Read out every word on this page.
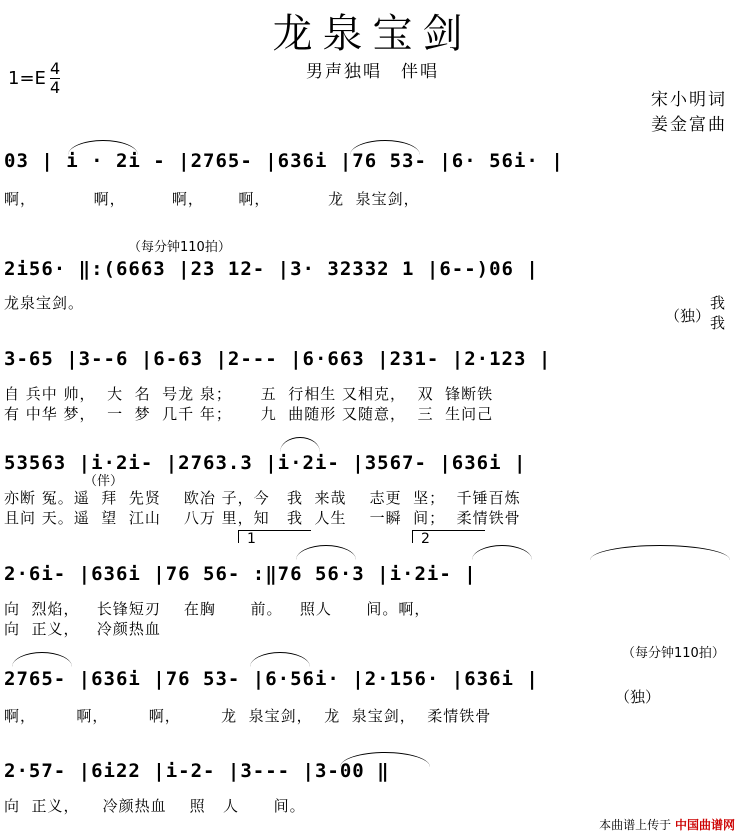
龙泉宝剑
男声独唱　伴唱
1=E 4
4
宋小明词
姜金富曲
03 | i · 2i - |2765- |636i |76 53- |6· 56i· |
啊，          啊，        啊，      啊，          龙  泉宝剑，
（每分钟110拍）
2i56· ‖:(6663 |23 12- |3· 32332 1 |6--)06 |
龙泉宝剑。
（独）
我
我
3-65 |3--6 |6-63 |2--- |6·663 |231- |2·123 |
自 兵中 帅，  大  名  号龙 泉；     五  行相生 又相克，  双  锋断铁
有 中华 梦，  一  梦  几千 年；     九  曲随形 又随意，  三  生问己
53563 |i·2i- |2763.3 |i·2i- |3567- |636i |
（伴）
亦断 冤。遥  拜  先贤    欧冶 子，今   我  来哉    志更  坚；  千锤百炼
且问 天。遥  望  江山    八万 里，知   我  人生    一瞬  间；  柔情铁骨
1	2
2·6i- |636i |76 56- :‖76 56·3 |i·2i- |
向  烈焰，   长锋短刃    在胸      前。   照人      间。啊，
向  正义，   冷颜热血
（每分钟110拍）
2765- |636i |76 53- |6·56i· |2·156· |636i |
（独）
啊，       啊，       啊，       龙  泉宝剑，  龙  泉宝剑，  柔情铁骨
2·57- |6i22 |i-2- |3--- |3-00 ‖
向  正义，    冷颜热血    照   人      间。
本曲谱上传于 中国曲谱网
